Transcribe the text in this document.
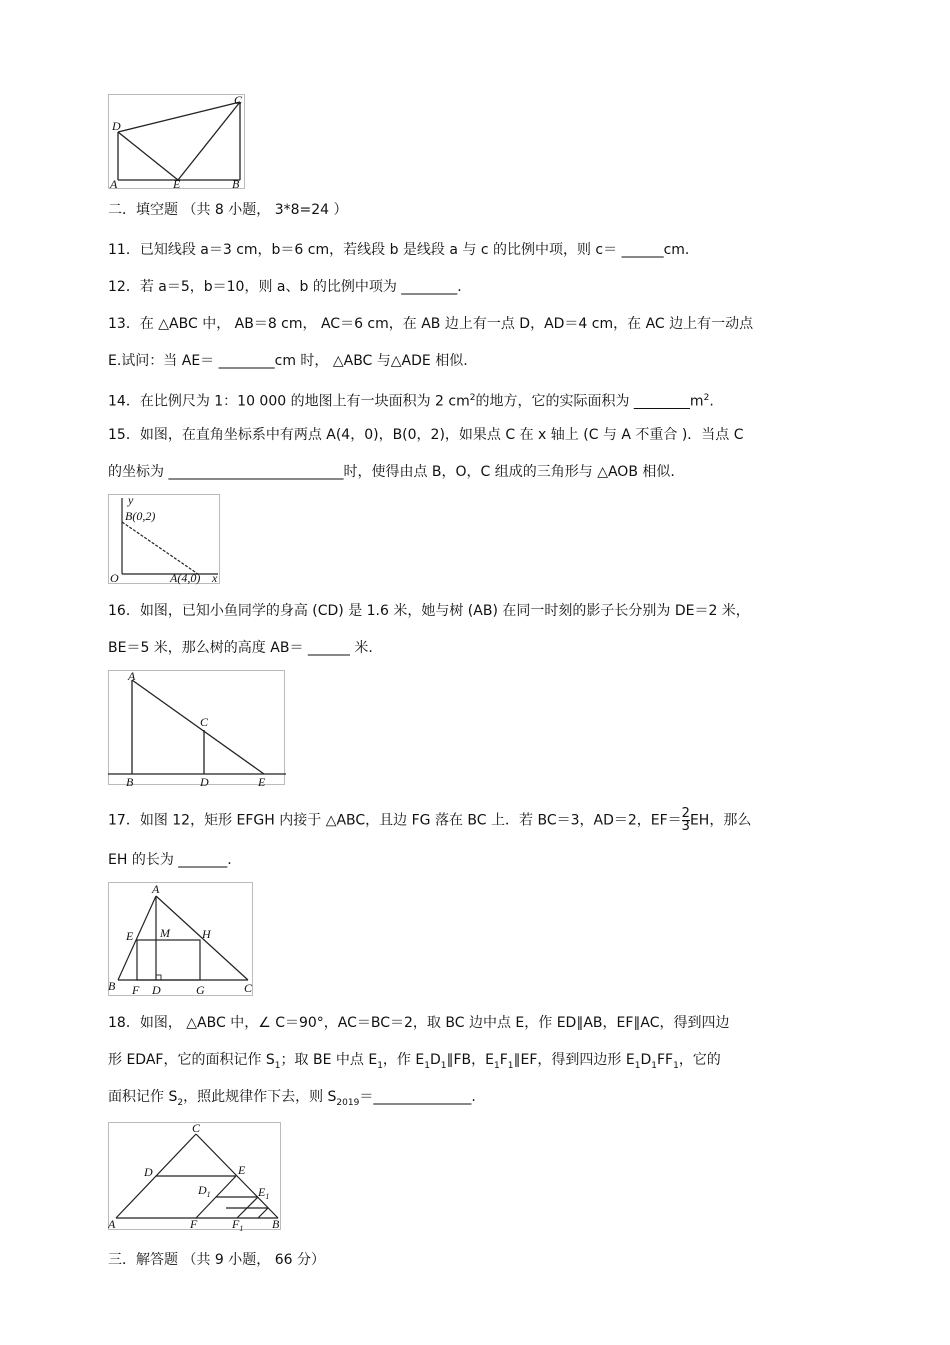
A	B
C
D
E
二．填空题 （共 8 小题， 3*8=24 ）
11．已知线段 a＝3 cm，b＝6 cm，若线段 b 是线段 a 与 c 的比例中项，则 c＝ ______cm.
12．若 a＝5，b＝10，则 a、b 的比例中项为 ________.
13．在 △ABC 中， AB＝8 cm， AC＝6 cm，在 AB 边上有一点 D，AD＝4 cm，在 AC 边上有一动点
E.试问：当 AE＝ ________cm 时， △ABC 与△ADE 相似.
14．在比例尺为 1：10 000 的地图上有一块面积为 2 $cm^2$的地方，它的实际面积为 $\_\_\_\_\_\_\_\_m^2$.
15．如图，在直角坐标系中有两点 A(4，0)，B(0，2)，如果点 C 在 x 轴上 (C 与 A 不重合 )．当点 C
的坐标为 _________________________时，使得由点 B，O，C 组成的三角形与 △AOB 相似.
y
x
O
B(0,2)
A(4,0)
16．如图，已知小鱼同学的身高 (CD) 是 1.6 米，她与树 (AB) 在同一时刻的影子长分别为 DE＝2 米，
BE＝5 米，那么树的高度 AB＝ ______ 米.
A
B
C
D	E
17．如图 12，矩形 EFGH 内接于 △ABC，且边 FG 落在 BC 上．若 BC＝3，AD＝2，$EF= \frac{2}{3}$ EH，那么
EH 的长为 _______.
A
B	C
D
E
F	G
H
M
18．如图， △ABC 中，∠ C＝90°，AC＝BC＝2，取 BC 边中点 E，作 ED∥AB，EF∥AC，得到四边
形 EDAF，它的面积记作 $S_1$；取 BE 中点 $E_1$，作 $E_1D_1\parallel FB$，$E_1F_1\parallel EF$，得到四边形 $E_1D_1FF_1$，它的
面积记作 $S_2$，照此规律作下去，则 $S_{2019}=\_\_\_\_\_\_\_\_\_\_\_\_\_\_$.
C
A	B
D	E
F
$D_1$	$E_1$
$F_1$
三．解答题 （共 9 小题， 66 分）
